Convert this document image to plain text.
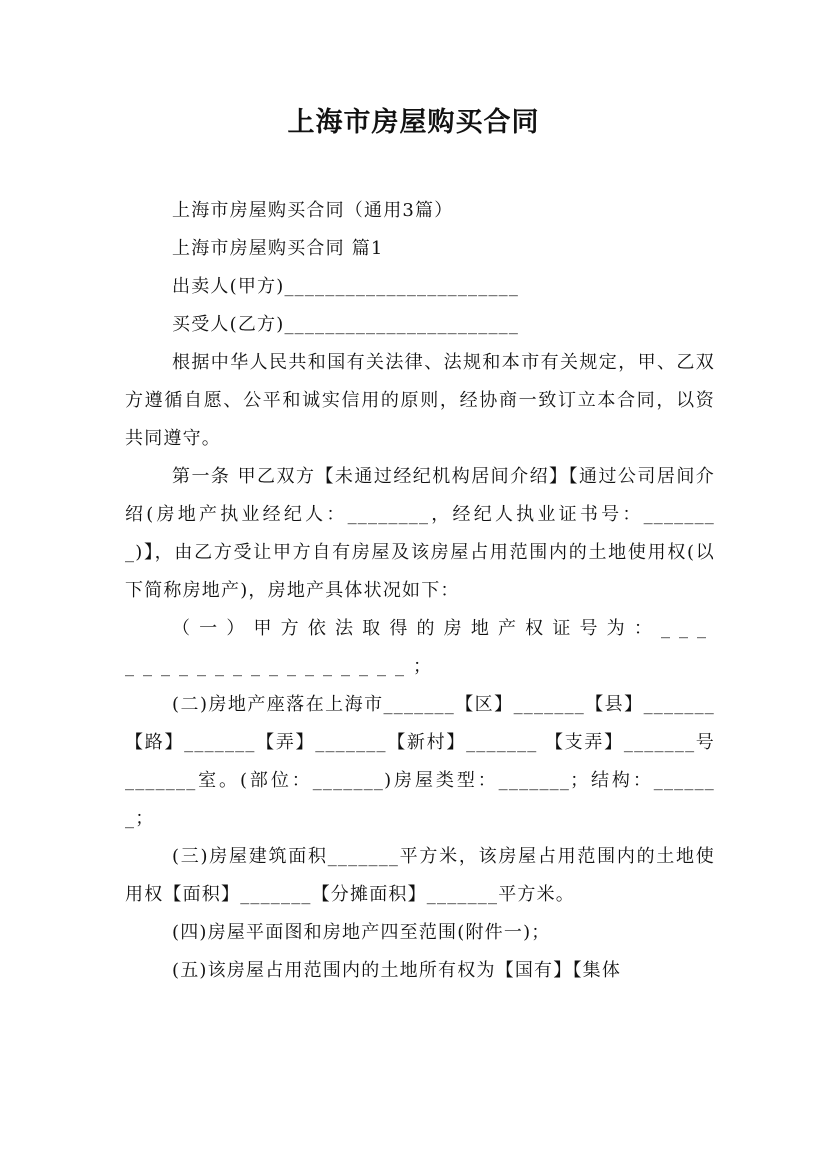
上海市房屋购买合同

上海市房屋购买合同（通用3篇）

上海市房屋购买合同 篇1

出卖人(甲方)_______________________

买受人(乙方)_______________________

根据中华人民共和国有关法律、法规和本市有关规定，甲、乙双方遵循自愿、公平和诚实信用的原则，经协商一致订立本合同，以资共同遵守。

第一条 甲乙双方【未通过经纪机构居间介绍】【通过公司居间介绍(房地产执业经纪人：________，经纪人执业证书号：________)】，由乙方受让甲方自有房屋及该房屋占用范围内的土地使用权(以下简称房地产)，房地产具体状况如下：

（一）甲方依法取得的房地产权证号为：___________________；

(二)房地产座落在上海市_______【区】_______【县】_______【路】_______【弄】_______【新村】_______ 【支弄】_______号_______室。(部位：_______)房屋类型：_______；结构：_______；

(三)房屋建筑面积_______平方米，该房屋占用范围内的土地使用权【面积】_______【分摊面积】_______平方米。

(四)房屋平面图和房地产四至范围(附件一)；

(五)该房屋占用范围内的土地所有权为【国有】【集体
